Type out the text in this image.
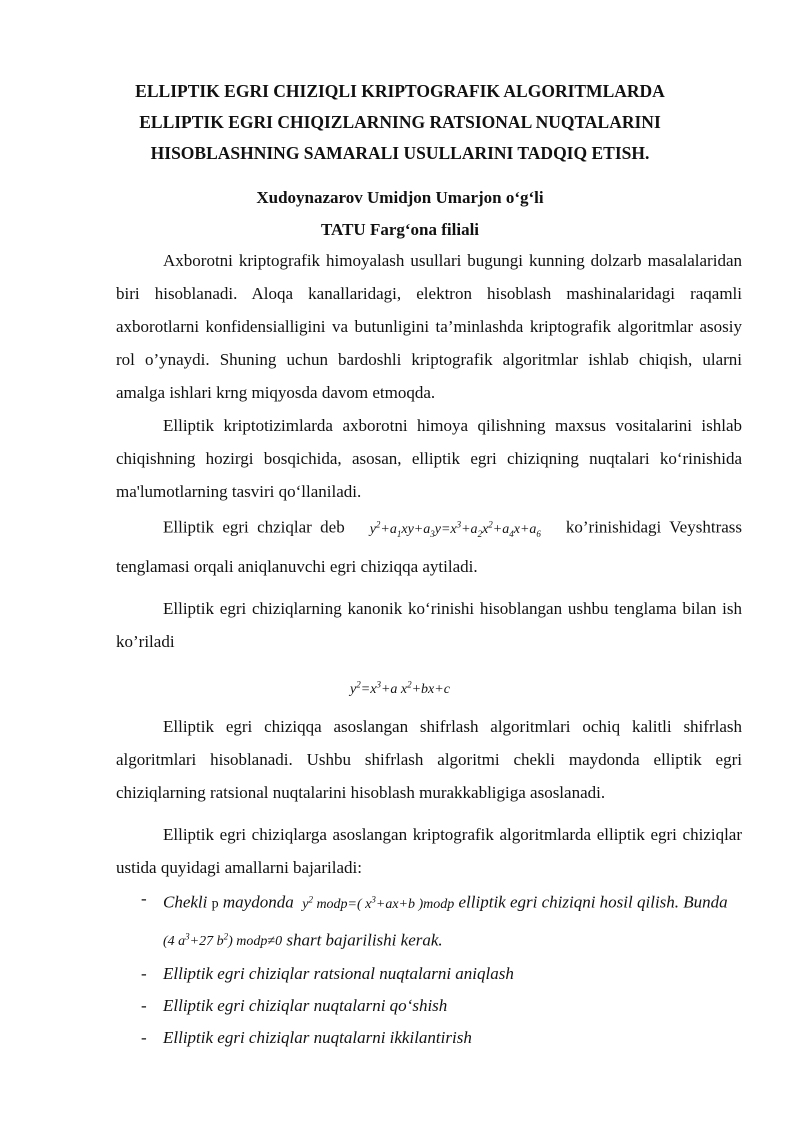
ELLIPTIK EGRI CHIZIQLI KRIPTOGRAFIK ALGORITMLARDA
ELLIPTIK EGRI CHIQIZLARNING RATSIONAL NUQTALARINI
HISOBLASHNING SAMARALI USULLARINI TADQIQ ETISH.
Xudoynazarov Umidjon Umarjon o‘g‘li
TATU Farg‘ona filiali

Axborotni kriptografik himoyalash usullari bugungi kunning dolzarb masalalaridan biri hisoblanadi. Aloqa kanallaridagi, elektron hisoblash mashinalaridagi raqamli axborotlarni konfidensialligini va butunligini ta’minlashda kriptografik algoritmlar asosiy rol o’ynaydi. Shuning uchun bardoshli kriptografik algoritmlar ishlab chiqish, ularni amalga ishlari krng miqyosda davom etmoqda.

Elliptik kriptotizimlarda axborotni himoya qilishning maxsus vositalarini ishlab chiqishning hozirgi bosqichida, asosan, elliptik egri chiziqning nuqtalari ko‘rinishida ma'lumotlarning tasviri qo‘llaniladi.

Elliptik egri chziqlar deb $y^2+a_1xy+a_3y=x^3+a_2x^2+a_4x+a_6$ ko’rinishidagi Veyshtrass tenglamasi orqali aniqlanuvchi egri chiziqqa aytiladi.

Elliptik egri chiziqlarning kanonik ko‘rinishi hisoblangan ushbu tenglama bilan ish ko’riladi

$y^2=x^3+a$ $x^2+bx+c$

Elliptik egri chiziqqa asoslangan shifrlash algoritmlari ochiq kalitli shifrlash algoritmlari hisoblanadi. Ushbu shifrlash algoritmi chekli maydonda elliptik egri chiziqlarning ratsional nuqtalarini hisoblash murakkabligiga asoslanadi.

Elliptik egri chiziqlarga asoslangan kriptografik algoritmlarda elliptik egri chiziqlar ustida quyidagi amallarni bajariladi:

- Chekli p maydonda $y^2$ modp=( $x^3+ax+b$ )modp elliptik egri chiziqni hosil qilish. Bunda (4 $a^3+27$ $b^2$) modp≠0 shart bajarilishi kerak.
- Elliptik egri chiziqlar ratsional nuqtalarni aniqlash
- Elliptik egri chiziqlar nuqtalarni qo‘shish
- Elliptik egri chiziqlar nuqtalarni ikkilantirish
